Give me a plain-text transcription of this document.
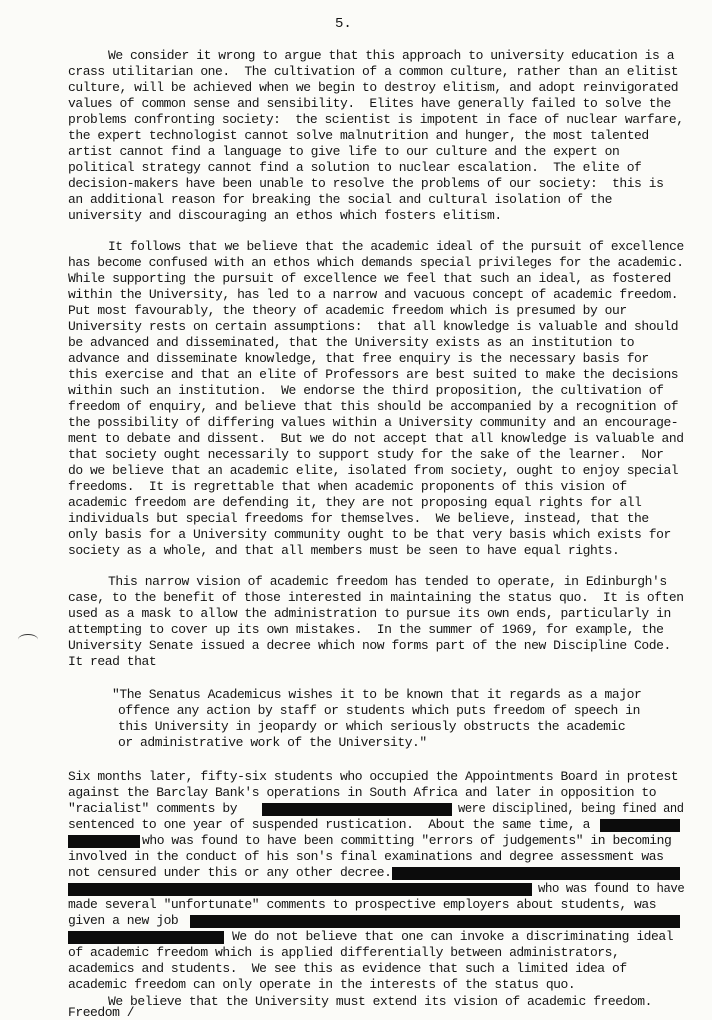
5.
We consider it wrong to argue that this approach to university education is a
crass utilitarian one.  The cultivation of a common culture, rather than an elitist
culture, will be achieved when we begin to destroy elitism, and adopt reinvigorated
values of common sense and sensibility.  Elites have generally failed to solve the
problems confronting society:  the scientist is impotent in face of nuclear warfare,
the expert technologist cannot solve malnutrition and hunger, the most talented
artist cannot find a language to give life to our culture and the expert on
political strategy cannot find a solution to nuclear escalation.  The elite of
decision-makers have been unable to resolve the problems of our society:  this is
an additional reason for breaking the social and cultural isolation of the
university and discouraging an ethos which fosters elitism.
It follows that we believe that the academic ideal of the pursuit of excellence
has become confused with an ethos which demands special privileges for the academic.
While supporting the pursuit of excellence we feel that such an ideal, as fostered
within the University, has led to a narrow and vacuous concept of academic freedom.
Put most favourably, the theory of academic freedom which is presumed by our
University rests on certain assumptions:  that all knowledge is valuable and should
be advanced and disseminated, that the University exists as an institution to
advance and disseminate knowledge, that free enquiry is the necessary basis for
this exercise and that an elite of Professors are best suited to make the decisions
within such an institution.  We endorse the third proposition, the cultivation of
freedom of enquiry, and believe that this should be accompanied by a recognition of
the possibility of differing values within a University community and an encourage-
ment to debate and dissent.  But we do not accept that all knowledge is valuable and
that society ought necessarily to support study for the sake of the learner.  Nor
do we believe that an academic elite, isolated from society, ought to enjoy special
freedoms.  It is regrettable that when academic proponents of this vision of
academic freedom are defending it, they are not proposing equal rights for all
individuals but special freedoms for themselves.  We believe, instead, that the
only basis for a University community ought to be that very basis which exists for
society as a whole, and that all members must be seen to have equal rights.
This narrow vision of academic freedom has tended to operate, in Edinburgh's
case, to the benefit of those interested in maintaining the status quo.  It is often
used as a mask to allow the administration to pursue its own ends, particularly in
attempting to cover up its own mistakes.  In the summer of 1969, for example, the
University Senate issued a decree which now forms part of the new Discipline Code.
It read that
"The Senatus Academicus wishes it to be known that it regards as a major
offence any action by staff or students which puts freedom of speech in
this University in jeopardy or which seriously obstructs the academic
or administrative work of the University."
Six months later, fifty-six students who occupied the Appointments Board in protest
against the Barclay Bank's operations in South Africa and later in opposition to
"racialist" comments by	were disciplined, being fined and
sentenced to one year of suspended rustication.  About the same time, a
who was found to have been committing "errors of judgements" in becoming
involved in the conduct of his son's final examinations and degree assessment was
not censured under this or any other decree.
who was found to have
made several "unfortunate" comments to prospective employers about students, was
given a new job
We do not believe that one can invoke a discriminating ideal
of academic freedom which is applied differentially between administrators,
academics and students.  We see this as evidence that such a limited idea of
academic freedom can only operate in the interests of the status quo.
We believe that the University must extend its vision of academic freedom.
Freedom /
